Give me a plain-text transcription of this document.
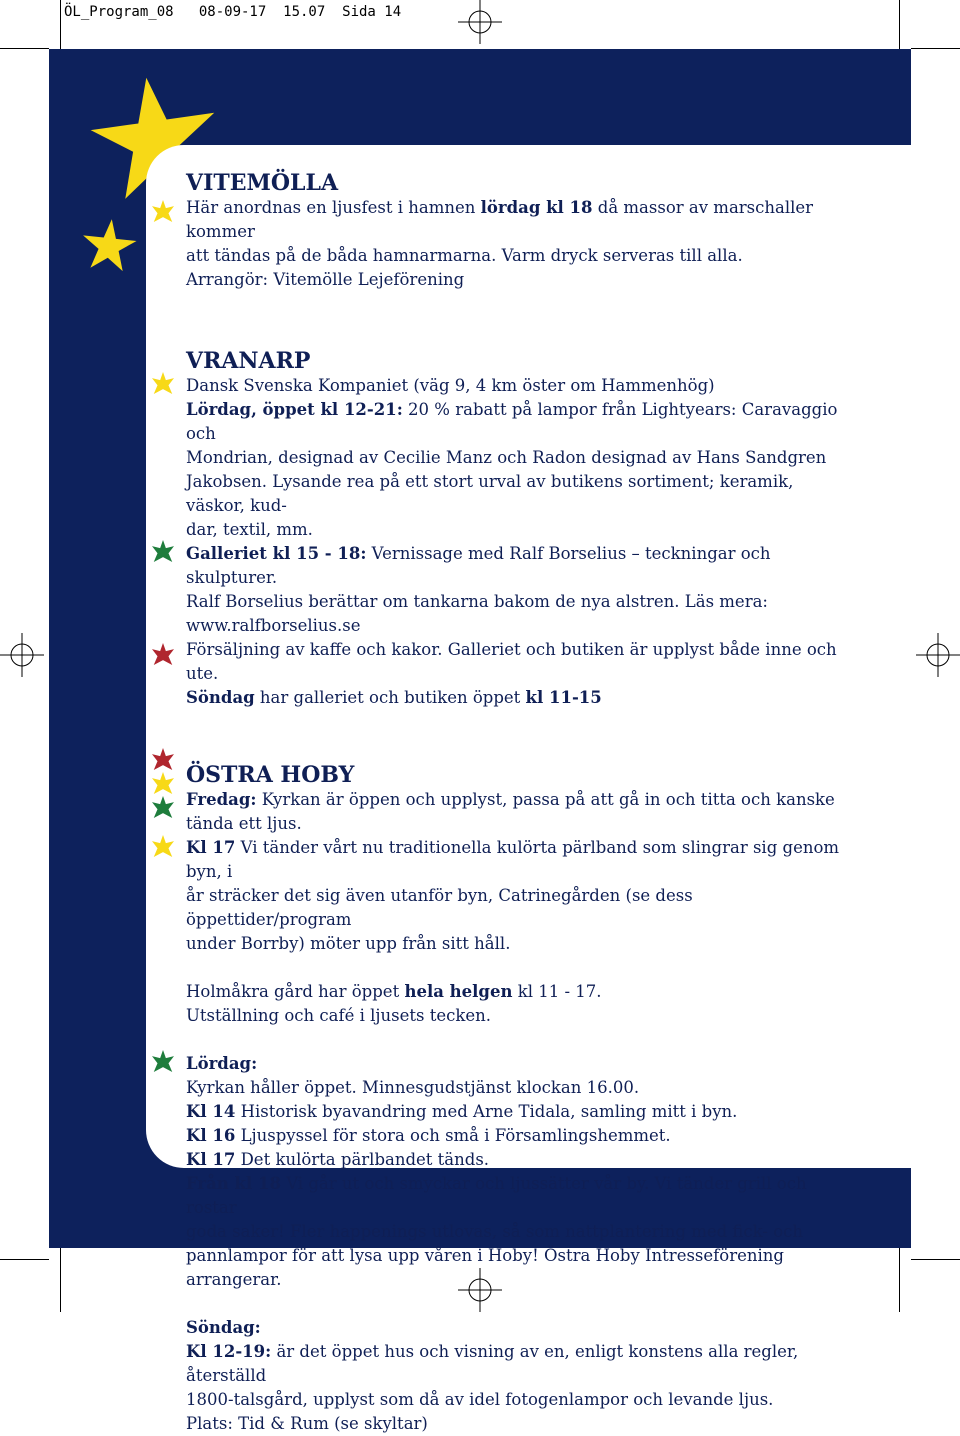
ÖL_Program_08   08-09-17  15.07  Sida 14
VITEMÖLLA

Här anordnas en ljusfest i hamnen lördag kl 18 då massor av marschaller kommer

att tändas på de båda hamnarmarna. Varm dryck serveras till alla.

Arrangör: Vitemölle Lejeförening

VRANARP

Dansk Svenska Kompaniet (väg 9, 4 km öster om Hammenhög)

Lördag, öppet kl 12-21: 20 % rabatt på lampor från Lightyears: Caravaggio och

Mondrian, designad av Cecilie Manz och Radon designad av Hans Sandgren

Jakobsen. Lysande rea på ett stort urval av butikens sortiment; keramik, väskor, kud-

dar, textil, mm.

Galleriet kl 15 - 18: Vernissage med Ralf Borselius – teckningar och skulpturer.

Ralf Borselius berättar om tankarna bakom de nya alstren. Läs mera: www.ralfborselius.se

Försäljning av kaffe och kakor. Galleriet och butiken är upplyst både inne och ute.

Söndag har galleriet och butiken öppet kl 11-15

ÖSTRA HOBY

Fredag: Kyrkan är öppen och upplyst, passa på att gå in och titta och kanske tända ett ljus.

Kl 17 Vi tänder vårt nu traditionella kulörta pärlband som slingrar sig genom byn, i

år sträcker det sig även utanför byn, Catrinegården (se dess öppettider/program

under Borrby) möter upp från sitt håll.

Holmåkra gård har öppet hela helgen kl 11 - 17.

Utställning och café i ljusets tecken.

Lördag:

Kyrkan håller öppet. Minnesgudstjänst klockan 16.00.

Kl 14 Historisk byavandring med Arne Tidala, samling mitt i byn.

Kl 16 Ljuspyssel för stora och små i Församlingshemmet.

Kl 17 Det kulörta pärlbandet tänds.

Från kl 18 Vi går ut och smyckar och ljussätter vår by. Vi tänder grill och rostar

goda saker! Fler happenings utlovas, så som nattplantering med fick- och

pannlampor för att lysa upp våren i Hoby! Östra Hoby Intresseförening arrangerar.

Söndag:

Kl 12-19: är det öppet hus och visning av en, enligt konstens alla regler, återställd

1800-talsgård, upplyst som då av idel fotogenlampor och levande ljus.

Plats: Tid & Rum (se skyltar)
